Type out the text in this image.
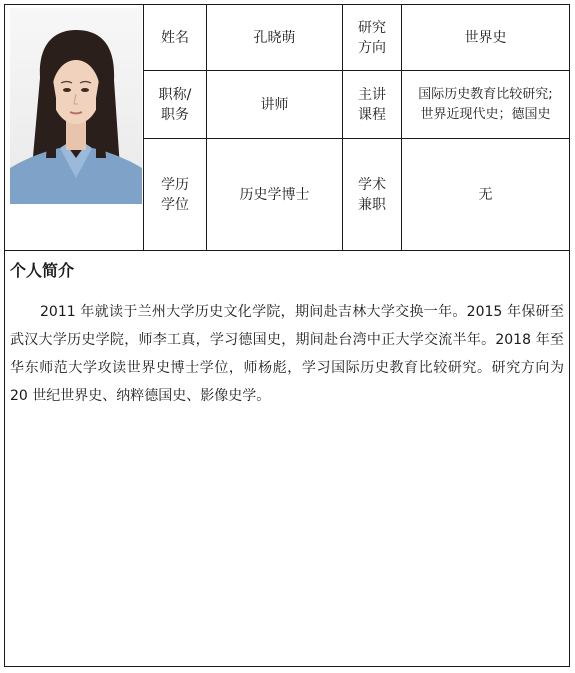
姓名	孔晓萌
研究
方向
世界史
职称/
职务
讲师
主讲
课程
国际历史教育比较研究;
世界近现代史；德国史
学历
学位
历史学博士
学术
兼职
无
个人简介

2011 年就读于兰州大学历史文化学院，期间赴吉林大学交换一年。2015 年保研至武汉大学历史学院，师李工真，学习德国史，期间赴台湾中正大学交流半年。2018 年至华东师范大学攻读世界史博士学位，师杨彪，学习国际历史教育比较研究。研究方向为 20 世纪世界史、纳粹德国史、影像史学。
